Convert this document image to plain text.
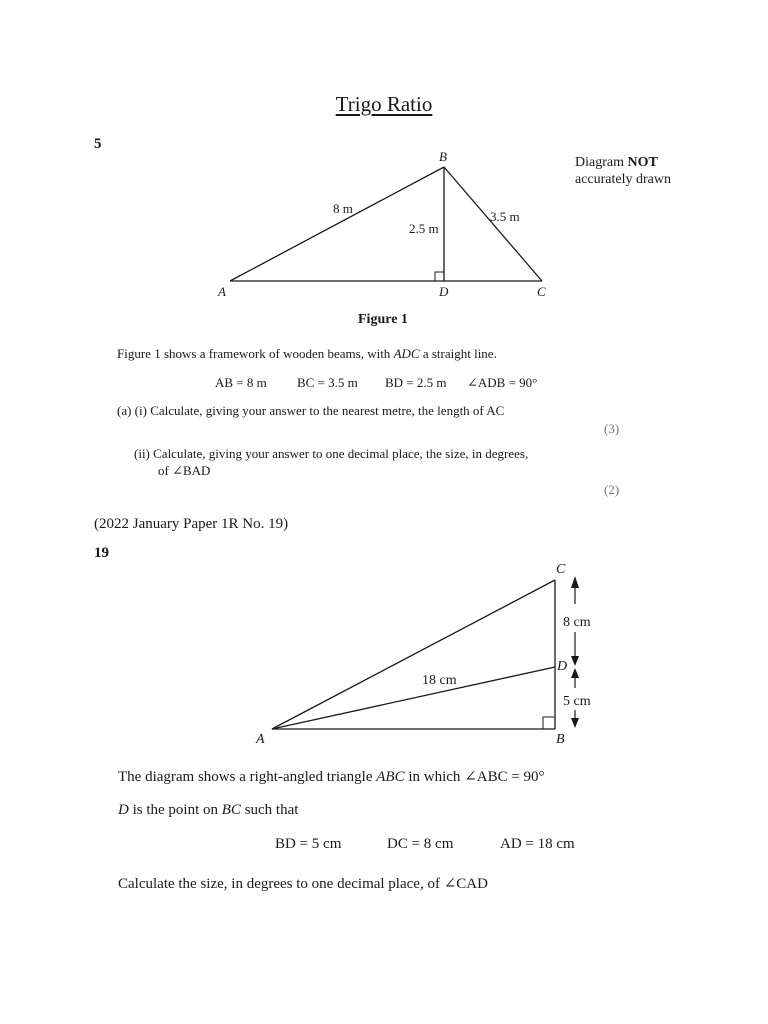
Trigo Ratio
5
Diagram NOT
accurately drawn
B
A	D	C
8 m
2.5 m
3.5 m
Figure 1
Figure 1 shows a framework of wooden beams, with ADC a straight line.
AB = 8 m BC = 3.5 m BD = 2.5 m ∠ADB = 90°
(a) (i) Calculate, giving your answer to the nearest metre, the length of AC
(3)
(ii) Calculate, giving your answer to one decimal place, the size, in degrees,
of ∠BAD
(2)
(2022 January Paper 1R No. 19)
19
C
D
A	B
18 cm
8 cm
5 cm
The diagram shows a right-angled triangle ABC in which ∠ABC = 90°
D is the point on BC such that
BD = 5 cm	DC = 8 cm	AD = 18 cm
Calculate the size, in degrees to one decimal place, of ∠CAD
